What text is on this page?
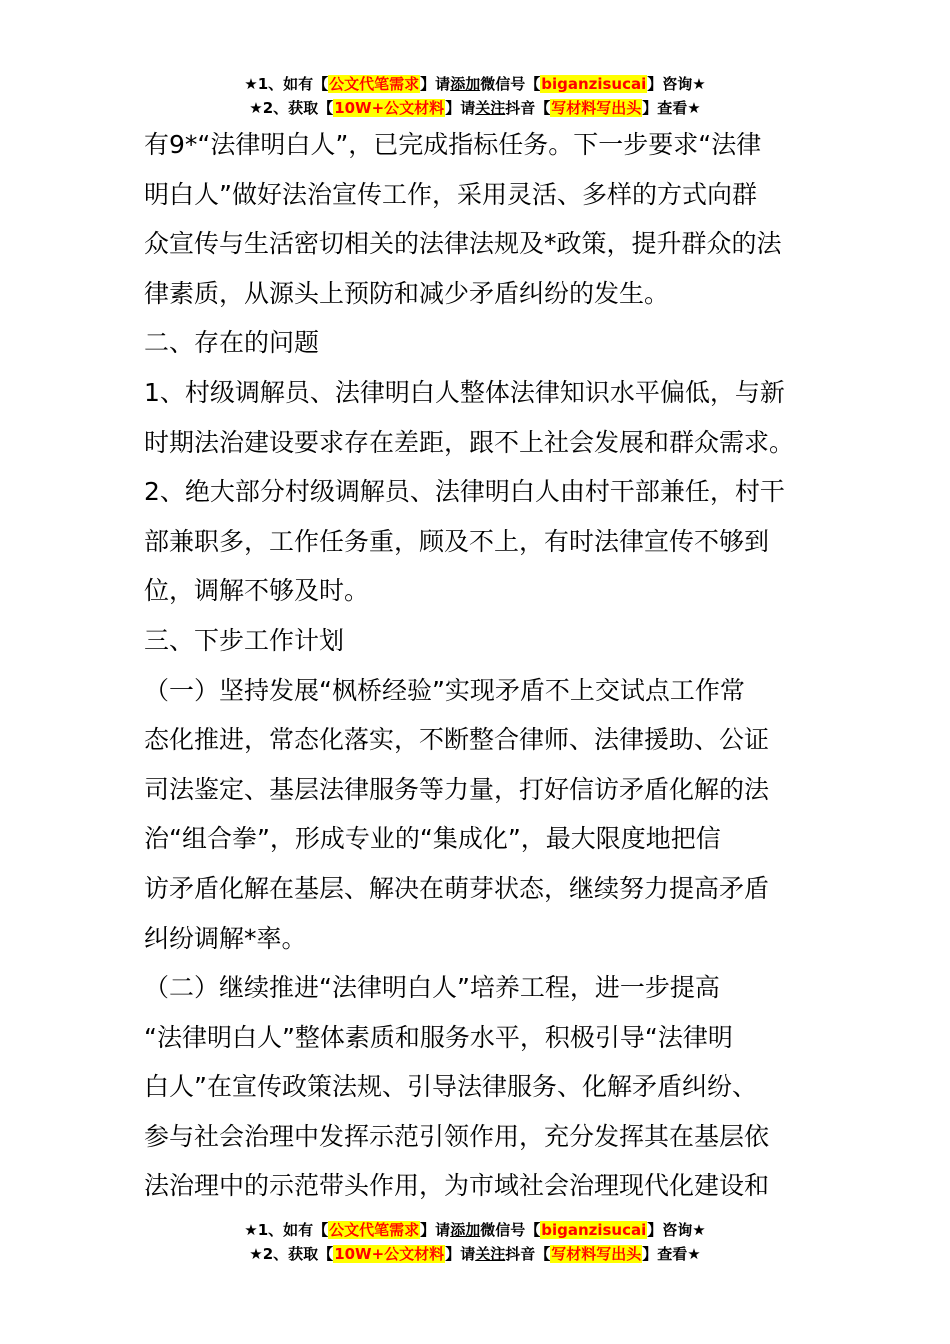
★1、如有【公文代笔需求】请添加微信号【biganzisucai】咨询★
★2、获取【10W+公文材料】请关注抖音【写材料写出头】查看★
有9*“法律明白人”，已完成指标任务。下一步要求“法律
明白人”做好法治宣传工作，采用灵活、多样的方式向群
众宣传与生活密切相关的法律法规及*政策，提升群众的法
律素质，从源头上预防和减少矛盾纠纷的发生。
二、存在的问题
1、村级调解员、法律明白人整体法律知识水平偏低，与新
时期法治建设要求存在差距，跟不上社会发展和群众需求。
2、绝大部分村级调解员、法律明白人由村干部兼任，村干
部兼职多，工作任务重，顾及不上，有时法律宣传不够到
位，调解不够及时。
三、下步工作计划
（一）坚持发展“枫桥经验”实现矛盾不上交试点工作常
态化推进，常态化落实，不断整合律师、法律援助、公证
司法鉴定、基层法律服务等力量，打好信访矛盾化解的法
治“组合拳”，形成专业的“集成化”，最大限度地把信
访矛盾化解在基层、解决在萌芽状态，继续努力提高矛盾
纠纷调解*率。
（二）继续推进“法律明白人”培养工程，进一步提高
“法律明白人”整体素质和服务水平，积极引导“法律明
白人”在宣传政策法规、引导法律服务、化解矛盾纠纷、
参与社会治理中发挥示范引领作用，充分发挥其在基层依
法治理中的示范带头作用，为市域社会治理现代化建设和
★1、如有【公文代笔需求】请添加微信号【biganzisucai】咨询★
★2、获取【10W+公文材料】请关注抖音【写材料写出头】查看★
